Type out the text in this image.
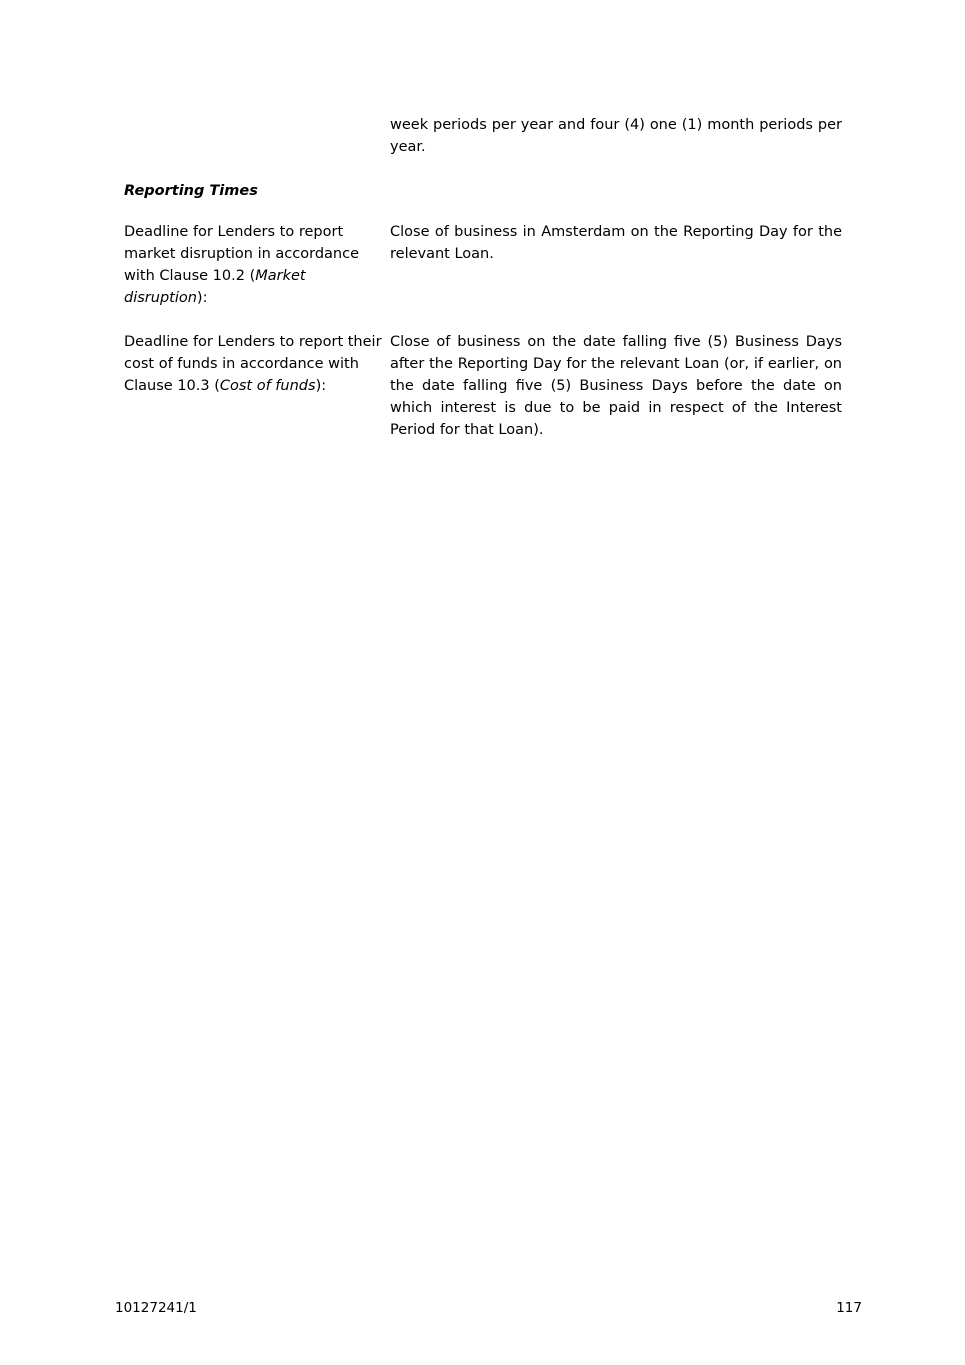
week periods per year and four (4) one (1) month periods per year.

Reporting Times

Deadline for Lenders to report market disruption in accordance with Clause 10.2 (Market disruption):

Close of business in Amsterdam on the Reporting Day for the relevant Loan.

Deadline for Lenders to report their cost of funds in accordance with Clause 10.3 (Cost of funds):

Close of business on the date falling five (5) Business Days after the Reporting Day for the relevant Loan (or, if earlier, on the date falling five (5) Business Days before the date on which interest is due to be paid in respect of the Interest Period for that Loan).

10127241/1	117
